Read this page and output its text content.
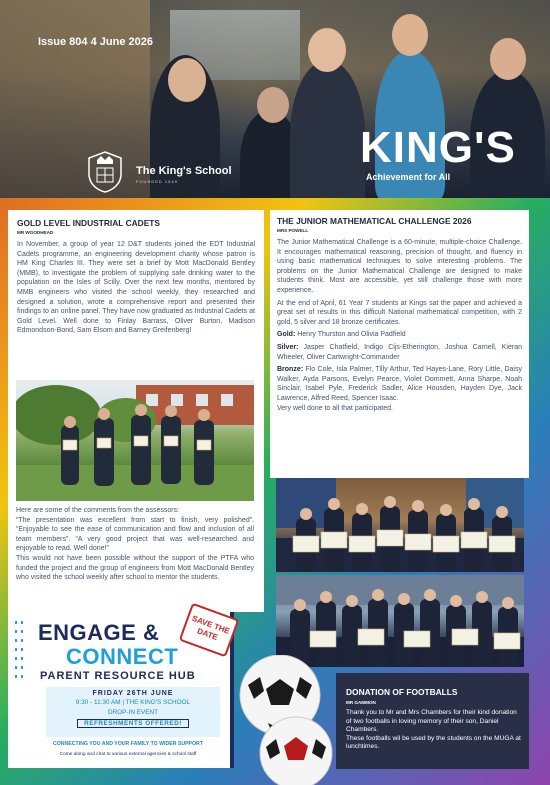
Issue 804 4 June 2026
The King's School
FOUNDED 1549
KING'S
Achievement for All
GOLD LEVEL INDUSTRIAL CADETS
MR WOODHEAD

In November, a group of year 12 D&T students joined the EDT Industrial Cadets programme, an engineering development charity whose patron is HM King Charles III. They were set a brief by Mott MacDonald Bentley (MMB), to investigate the problem of supplying safe drinking water to the population on the Isles of Scilly. Over the next few months, mentored by MMB engineers who visited the school weekly, they researched and designed a solution, wrote a comprehensive report and presented their findings to an online panel. They have now graduated as Industrial Cadets at Gold Level. Well done to Finlay Barrass, Oliver Burton, Madison Edmondson-Bond, Sam Elsom and Barney Greifenberg!

Here are some of the comments from the assessors:

“The presentation was excellent from start to finish, very polished”. “Enjoyable to see the ease of communication and flow and inclusion of all team members”. “A very good project that was well-researched and enjoyable to read. Well done!”

This would not have been possible without the support of the PTFA who funded the project and the group of engineers from Mott MacDonald Bentley who visited the school weekly after school to mentor the students.

ENGAGE &
CONNECT
PARENT RESOURCE HUB
SAVE THE DATE
FRIDAY 26TH JUNE
9:30 - 11:30 AM | THE KING'S SCHOOL
DROP-IN EVENT
REFRESHMENTS OFFERED!
CONNECTING YOU AND YOUR FAMILY TO WIDER SUPPORT
Come along and chat to various external agencies & school staff
THE JUNIOR MATHEMATICAL CHALLENGE 2026
MRS POWELL

The Junior Mathematical Challenge is a 60-minute, multiple-choice Challenge. It encourages mathematical reasoning, precision of thought, and fluency in using basic mathematical techniques to solve interesting problems. The problems on the Junior Mathematical Challenge are designed to make students think. Most are accessible, yet still challenge those with more experience.

At the end of April, 61 Year 7 students at Kings sat the paper and achieved a great set of results in this difficult National mathematical competition, with 2 gold, 5 silver and 18 bronze certificates.

Gold: Henry Thurston and Olivia Padfield

Silver: Jasper Chatfield, Indigo Cijs-Etherington, Joshua Carnell, Kieran Wheeler, Oliver Cartwright-Commander

Bronze: Flo Cole, Isla Palmer, Tilly Arthur, Ted Hayes-Lane, Rory Little, Daisy Walker, Ayda Parsons, Evelyn Pearce, Violet Dommett, Anna Sharpe, Noah Sinclair, Isabel Pyle, Frederick Sadler, Alice Housden, Hayden Dye, Jack Lawrence, Alfred Reed, Spencer Isaac.

Very well done to all that participated.

DONATION OF FOOTBALLS
MR GAMMON

Thank you to Mr and Mrs Chambers for their kind donation of two footballs in loving memory of their son, Daniel Chambers.

These footballs wil be used by the students on the MUGA at lunchtimes.
